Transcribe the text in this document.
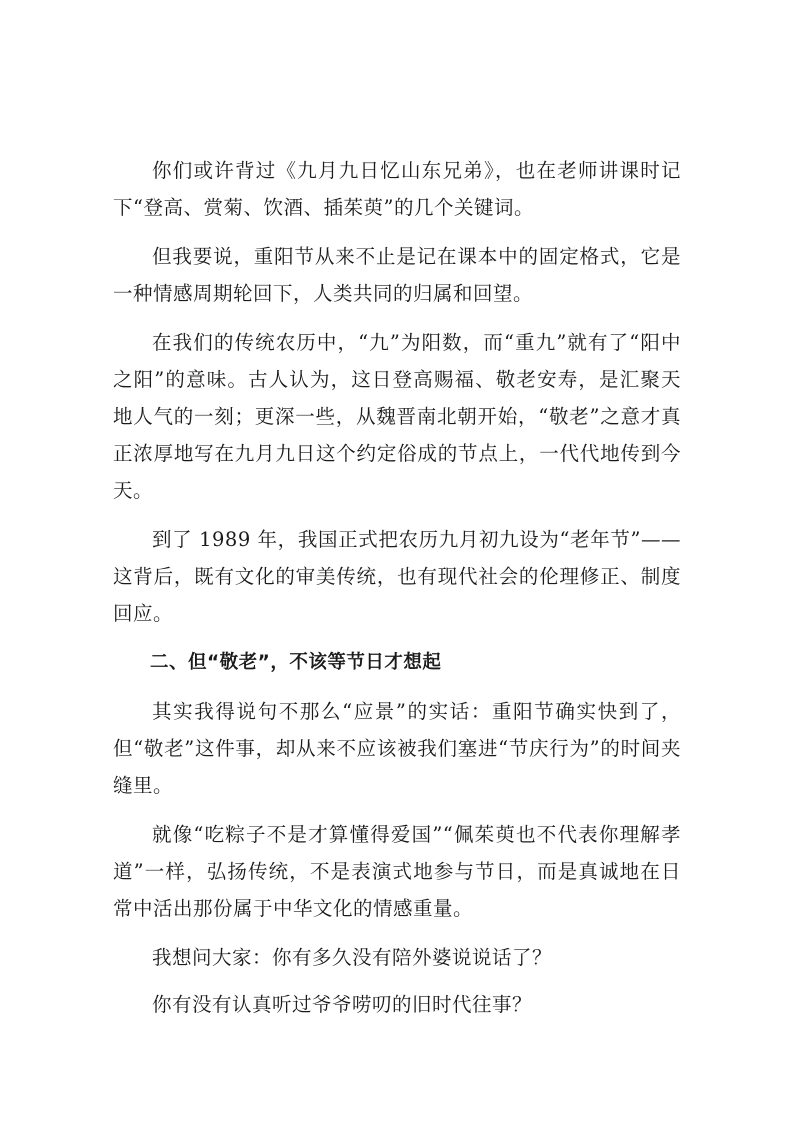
你们或许背过《九月九日忆山东兄弟》，也在老师讲课时记下“登高、赏菊、饮酒、插茱萸”的几个关键词。

但我要说，重阳节从来不止是记在课本中的固定格式，它是一种情感周期轮回下，人类共同的归属和回望。

在我们的传统农历中，“九”为阳数，而“重九”就有了“阳中之阳”的意味。古人认为，这日登高赐福、敬老安寿，是汇聚天地人气的一刻；更深一些，从魏晋南北朝开始，“敬老”之意才真正浓厚地写在九月九日这个约定俗成的节点上，一代代地传到今天。

到了 1989 年，我国正式把农历九月初九设为“老年节”——这背后，既有文化的审美传统，也有现代社会的伦理修正、制度回应。

二、但“敬老”，不该等节日才想起

其实我得说句不那么“应景”的实话：重阳节确实快到了，但“敬老”这件事，却从来不应该被我们塞进“节庆行为”的时间夹缝里。

就像“吃粽子不是才算懂得爱国”“佩茱萸也不代表你理解孝道”一样，弘扬传统，不是表演式地参与节日，而是真诚地在日常中活出那份属于中华文化的情感重量。

我想问大家：你有多久没有陪外婆说说话了？

你有没有认真听过爷爷唠叨的旧时代往事？
